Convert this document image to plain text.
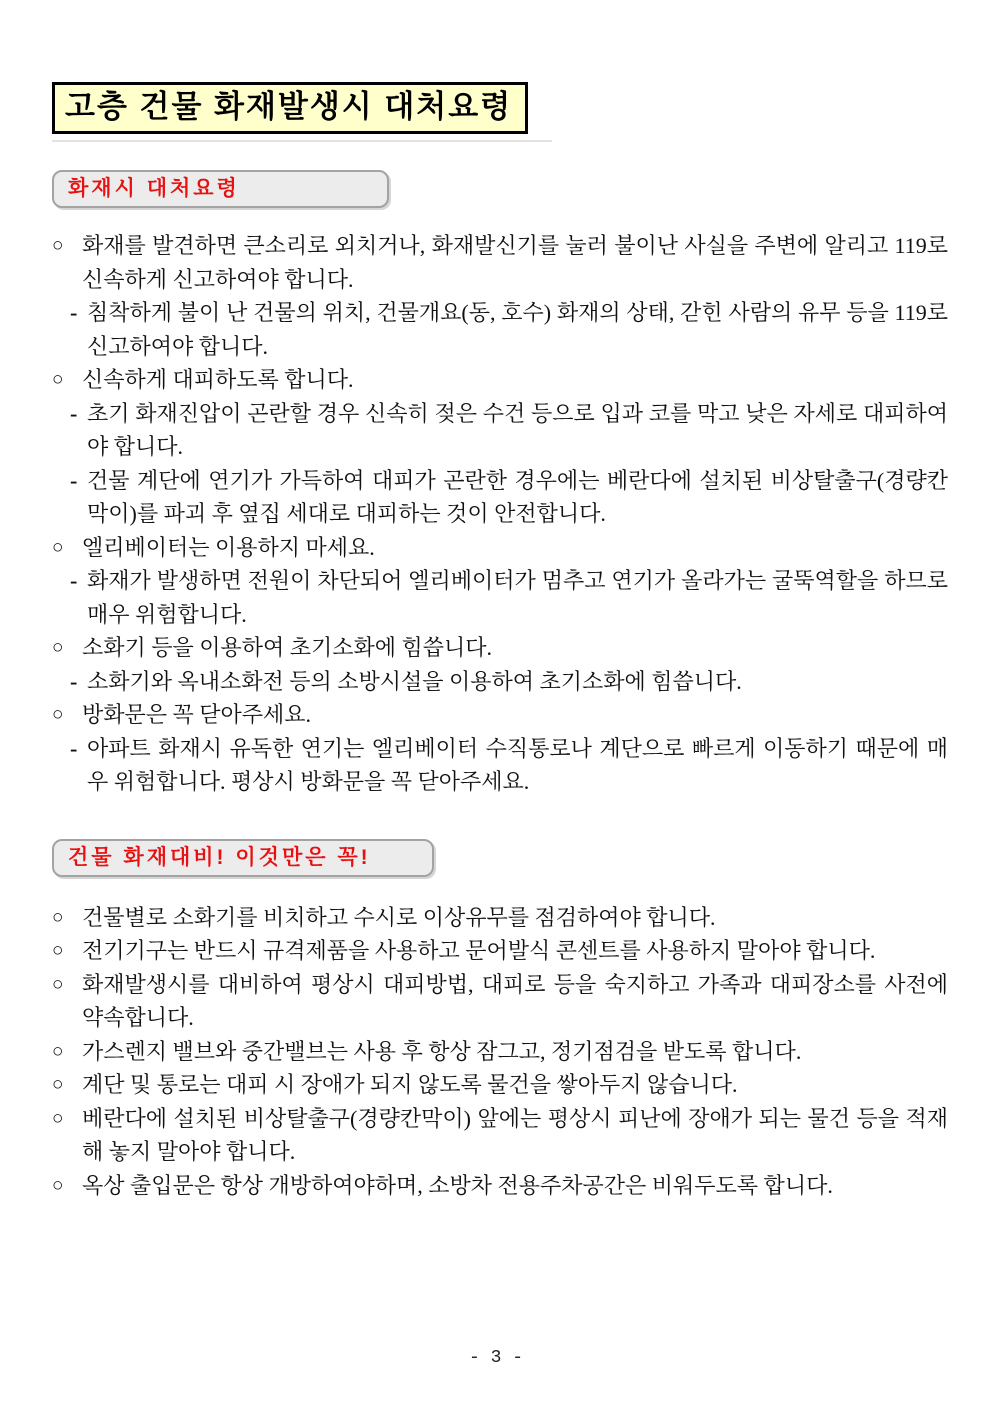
고층 건물 화재발생시 대처요령
화재시 대처요령
○ 화재를 발견하면 큰소리로 외치거나, 화재발신기를 눌러 불이난 사실을 주변에 알리고 119로 신속하게 신고하여야 합니다.
- 침착하게 불이 난 건물의 위치, 건물개요(동, 호수) 화재의 상태, 갇힌 사람의 유무 등을 119로 신고하여야 합니다.
○ 신속하게 대피하도록 합니다.
- 초기 화재진압이 곤란할 경우 신속히 젖은 수건 등으로 입과 코를 막고 낮은 자세로 대피하여야 합니다.
- 건물 계단에 연기가 가득하여 대피가 곤란한 경우에는 베란다에 설치된 비상탈출구(경량칸막이)를 파괴 후 옆집 세대로 대피하는 것이 안전합니다.
○ 엘리베이터는 이용하지 마세요.
- 화재가 발생하면 전원이 차단되어 엘리베이터가 멈추고 연기가 올라가는 굴뚝역할을 하므로 매우 위험합니다.
○ 소화기 등을 이용하여 초기소화에 힘씁니다.
- 소화기와 옥내소화전 등의 소방시설을 이용하여 초기소화에 힘씁니다.
○ 방화문은 꼭 닫아주세요.
- 아파트 화재시 유독한 연기는 엘리베이터 수직통로나 계단으로 빠르게 이동하기 때문에 매우 위험합니다. 평상시 방화문을 꼭 닫아주세요.
건물 화재대비! 이것만은 꼭!
○ 건물별로 소화기를 비치하고 수시로 이상유무를 점검하여야 합니다.
○ 전기기구는 반드시 규격제품을 사용하고 문어발식 콘센트를 사용하지 말아야 합니다.
○ 화재발생시를 대비하여 평상시 대피방법, 대피로 등을 숙지하고 가족과 대피장소를 사전에 약속합니다.
○ 가스렌지 밸브와 중간밸브는 사용 후 항상 잠그고, 정기점검을 받도록 합니다.
○ 계단 및 통로는 대피 시 장애가 되지 않도록 물건을 쌓아두지 않습니다.
○ 베란다에 설치된 비상탈출구(경량칸막이) 앞에는 평상시 피난에 장애가 되는 물건 등을 적재해 놓지 말아야 합니다.
○ 옥상 출입문은 항상 개방하여야하며, 소방차 전용주차공간은 비워두도록 합니다.
- 3 -
